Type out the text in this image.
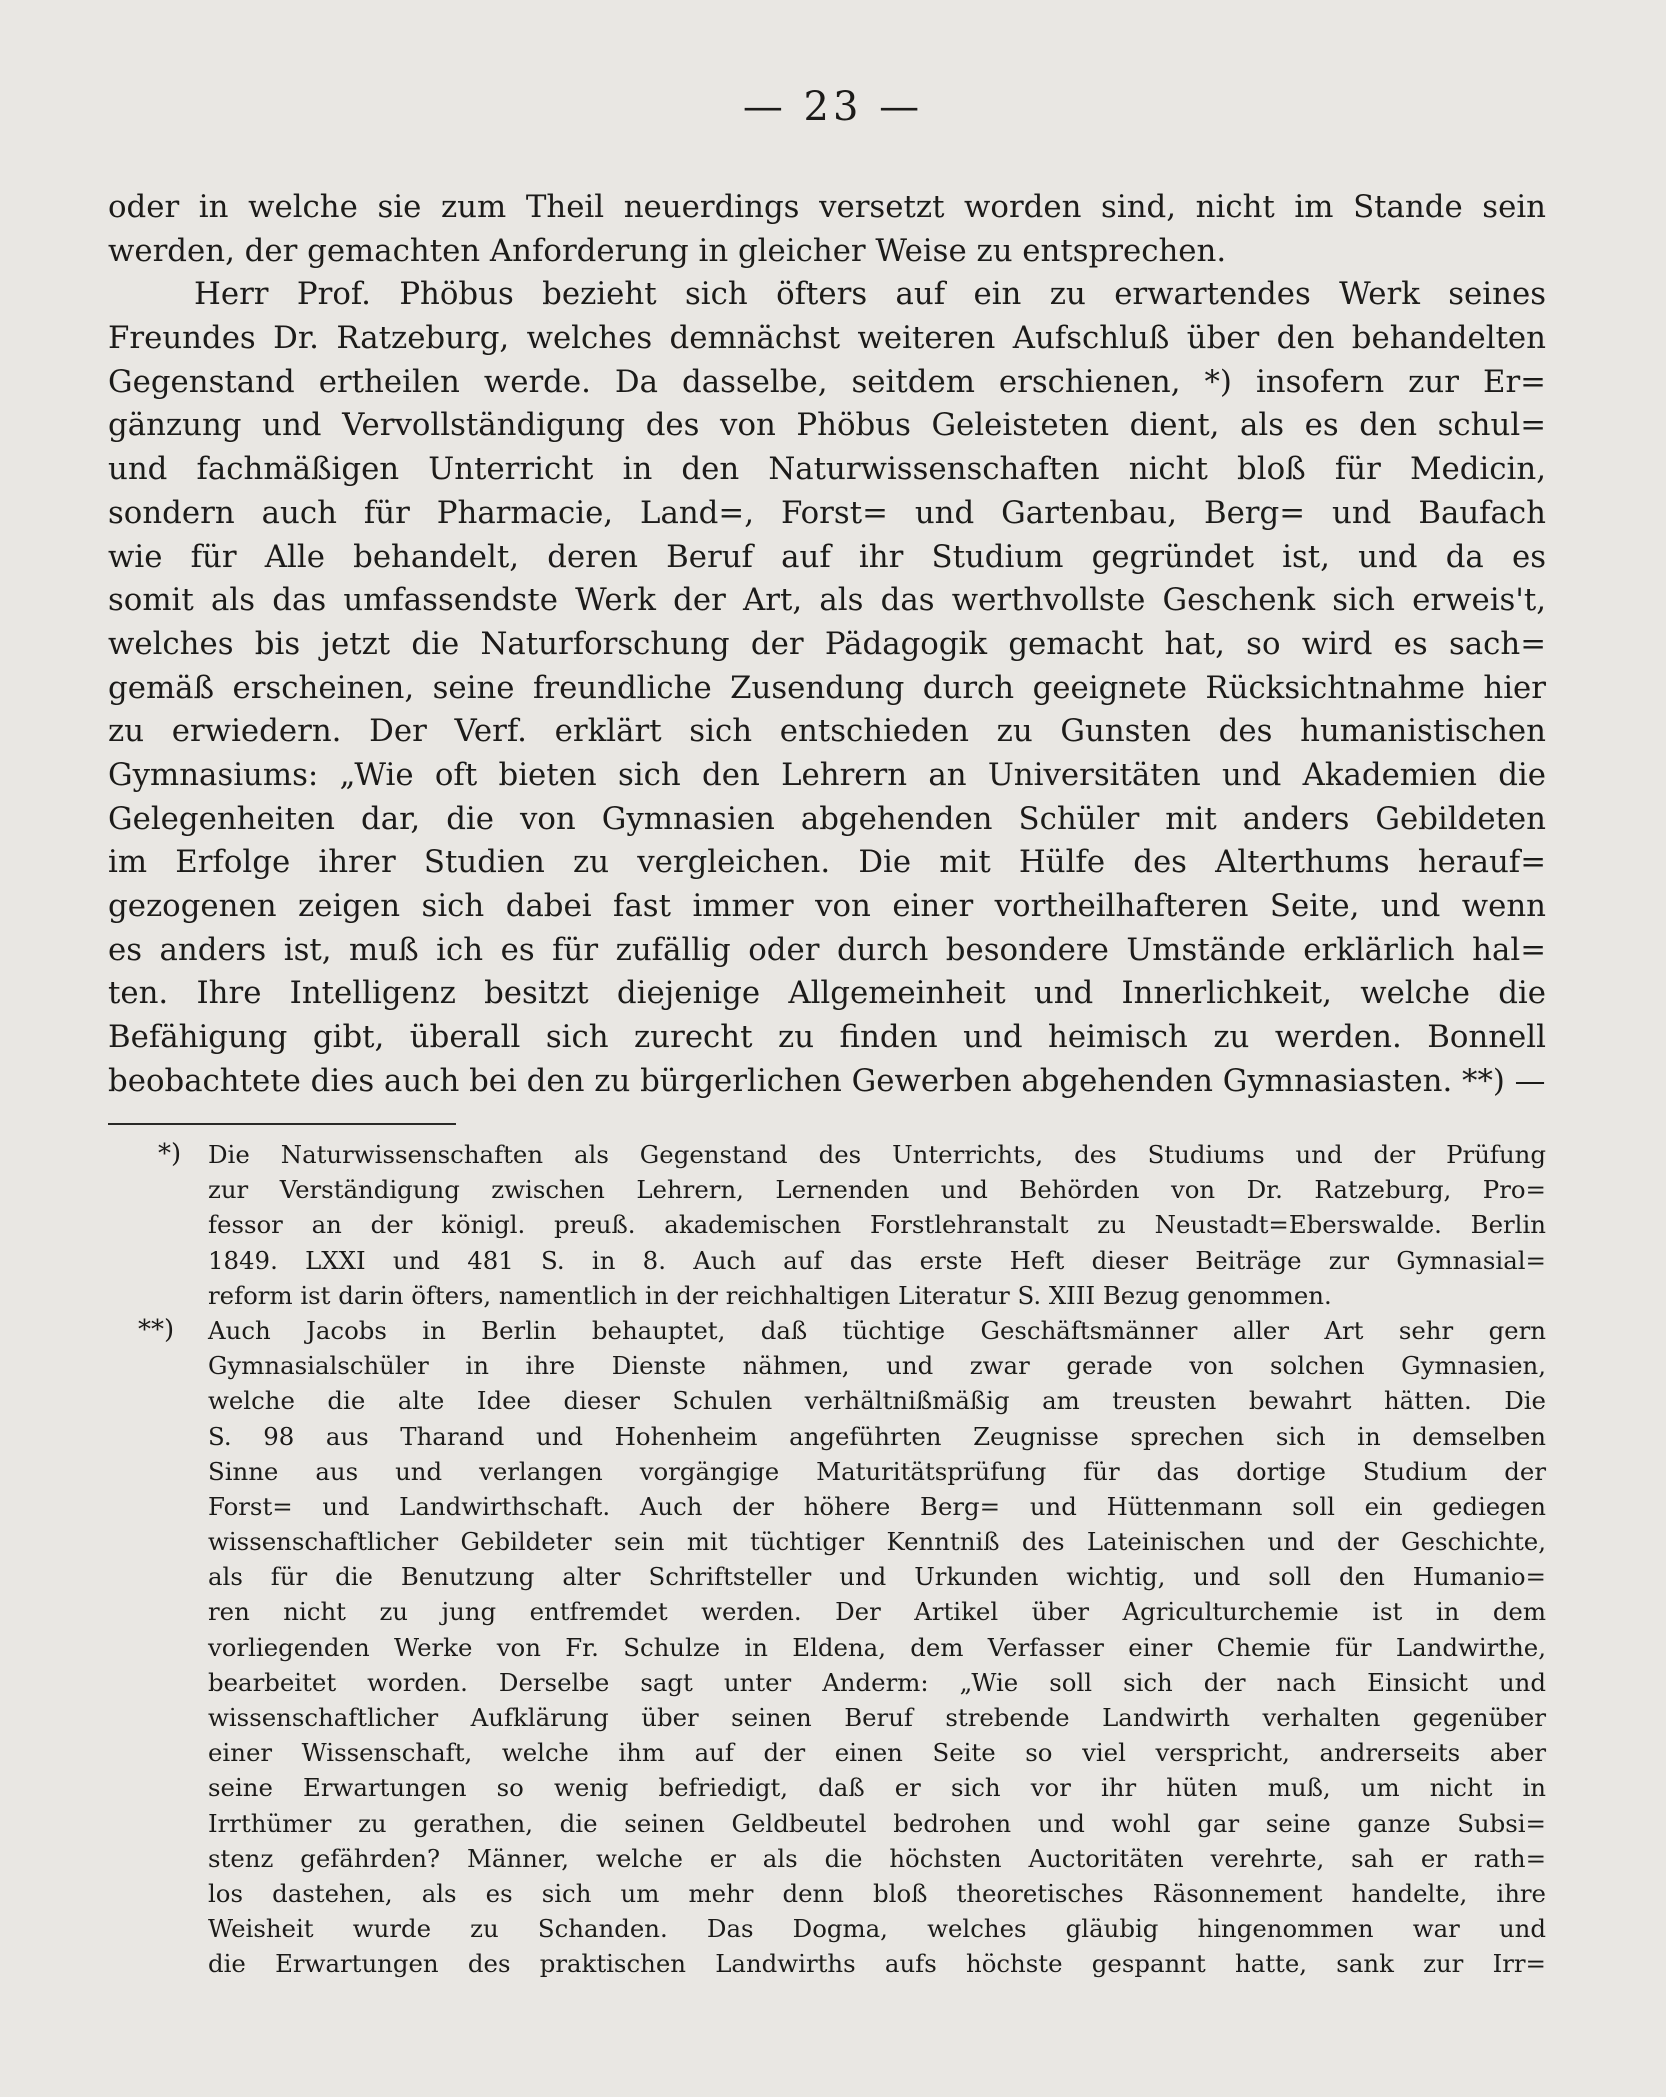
— 23 —
oder in welche sie zum Theil neuerdings versetzt worden sind, nicht im Stande sein
werden, der gemachten Anforderung in gleicher Weise zu entsprechen.
Herr Prof. Phöbus bezieht sich öfters auf ein zu erwartendes Werk seines
Freundes Dr. Ratzeburg, welches demnächst weiteren Aufschluß über den behandelten
Gegenstand ertheilen werde. Da dasselbe, seitdem erschienen, *) insofern zur Er=
gänzung und Vervollständigung des von Phöbus Geleisteten dient, als es den schul=
und fachmäßigen Unterricht in den Naturwissenschaften nicht bloß für Medicin,
sondern auch für Pharmacie, Land=, Forst= und Gartenbau, Berg= und Baufach
wie für Alle behandelt, deren Beruf auf ihr Studium gegründet ist, und da es
somit als das umfassendste Werk der Art, als das werthvollste Geschenk sich erweis't,
welches bis jetzt die Naturforschung der Pädagogik gemacht hat, so wird es sach=
gemäß erscheinen, seine freundliche Zusendung durch geeignete Rücksichtnahme hier
zu erwiedern. Der Verf. erklärt sich entschieden zu Gunsten des humanistischen
Gymnasiums: „Wie oft bieten sich den Lehrern an Universitäten und Akademien die
Gelegenheiten dar, die von Gymnasien abgehenden Schüler mit anders Gebildeten
im Erfolge ihrer Studien zu vergleichen. Die mit Hülfe des Alterthums herauf=
gezogenen zeigen sich dabei fast immer von einer vortheilhafteren Seite, und wenn
es anders ist, muß ich es für zufällig oder durch besondere Umstände erklärlich hal=
ten. Ihre Intelligenz besitzt diejenige Allgemeinheit und Innerlichkeit, welche die
Befähigung gibt, überall sich zurecht zu finden und heimisch zu werden. Bonnell
beobachtete dies auch bei den zu bürgerlichen Gewerben abgehenden Gymnasiasten. **) —
*) Die Naturwissenschaften als Gegenstand des Unterrichts, des Studiums und der Prüfung
zur Verständigung zwischen Lehrern, Lernenden und Behörden von Dr. Ratzeburg, Pro=
fessor an der königl. preuß. akademischen Forstlehranstalt zu Neustadt=Eberswalde. Berlin
1849. LXXI und 481 S. in 8. Auch auf das erste Heft dieser Beiträge zur Gymnasial=
reform ist darin öfters, namentlich in der reichhaltigen Literatur S. XIII Bezug genommen.
**) Auch Jacobs in Berlin behauptet, daß tüchtige Geschäftsmänner aller Art sehr gern
Gymnasialschüler in ihre Dienste nähmen, und zwar gerade von solchen Gymnasien,
welche die alte Idee dieser Schulen verhältnißmäßig am treusten bewahrt hätten. Die
S. 98 aus Tharand und Hohenheim angeführten Zeugnisse sprechen sich in demselben
Sinne aus und verlangen vorgängige Maturitätsprüfung für das dortige Studium der
Forst= und Landwirthschaft. Auch der höhere Berg= und Hüttenmann soll ein gediegen
wissenschaftlicher Gebildeter sein mit tüchtiger Kenntniß des Lateinischen und der Geschichte,
als für die Benutzung alter Schriftsteller und Urkunden wichtig, und soll den Humanio=
ren nicht zu jung entfremdet werden. Der Artikel über Agriculturchemie ist in dem
vorliegenden Werke von Fr. Schulze in Eldena, dem Verfasser einer Chemie für Landwirthe,
bearbeitet worden. Derselbe sagt unter Anderm: „Wie soll sich der nach Einsicht und
wissenschaftlicher Aufklärung über seinen Beruf strebende Landwirth verhalten gegenüber
einer Wissenschaft, welche ihm auf der einen Seite so viel verspricht, andrerseits aber
seine Erwartungen so wenig befriedigt, daß er sich vor ihr hüten muß, um nicht in
Irrthümer zu gerathen, die seinen Geldbeutel bedrohen und wohl gar seine ganze Subsi=
stenz gefährden? Männer, welche er als die höchsten Auctoritäten verehrte, sah er rath=
los dastehen, als es sich um mehr denn bloß theoretisches Räsonnement handelte, ihre
Weisheit wurde zu Schanden. Das Dogma, welches gläubig hingenommen war und
die Erwartungen des praktischen Landwirths aufs höchste gespannt hatte, sank zur Irr=
